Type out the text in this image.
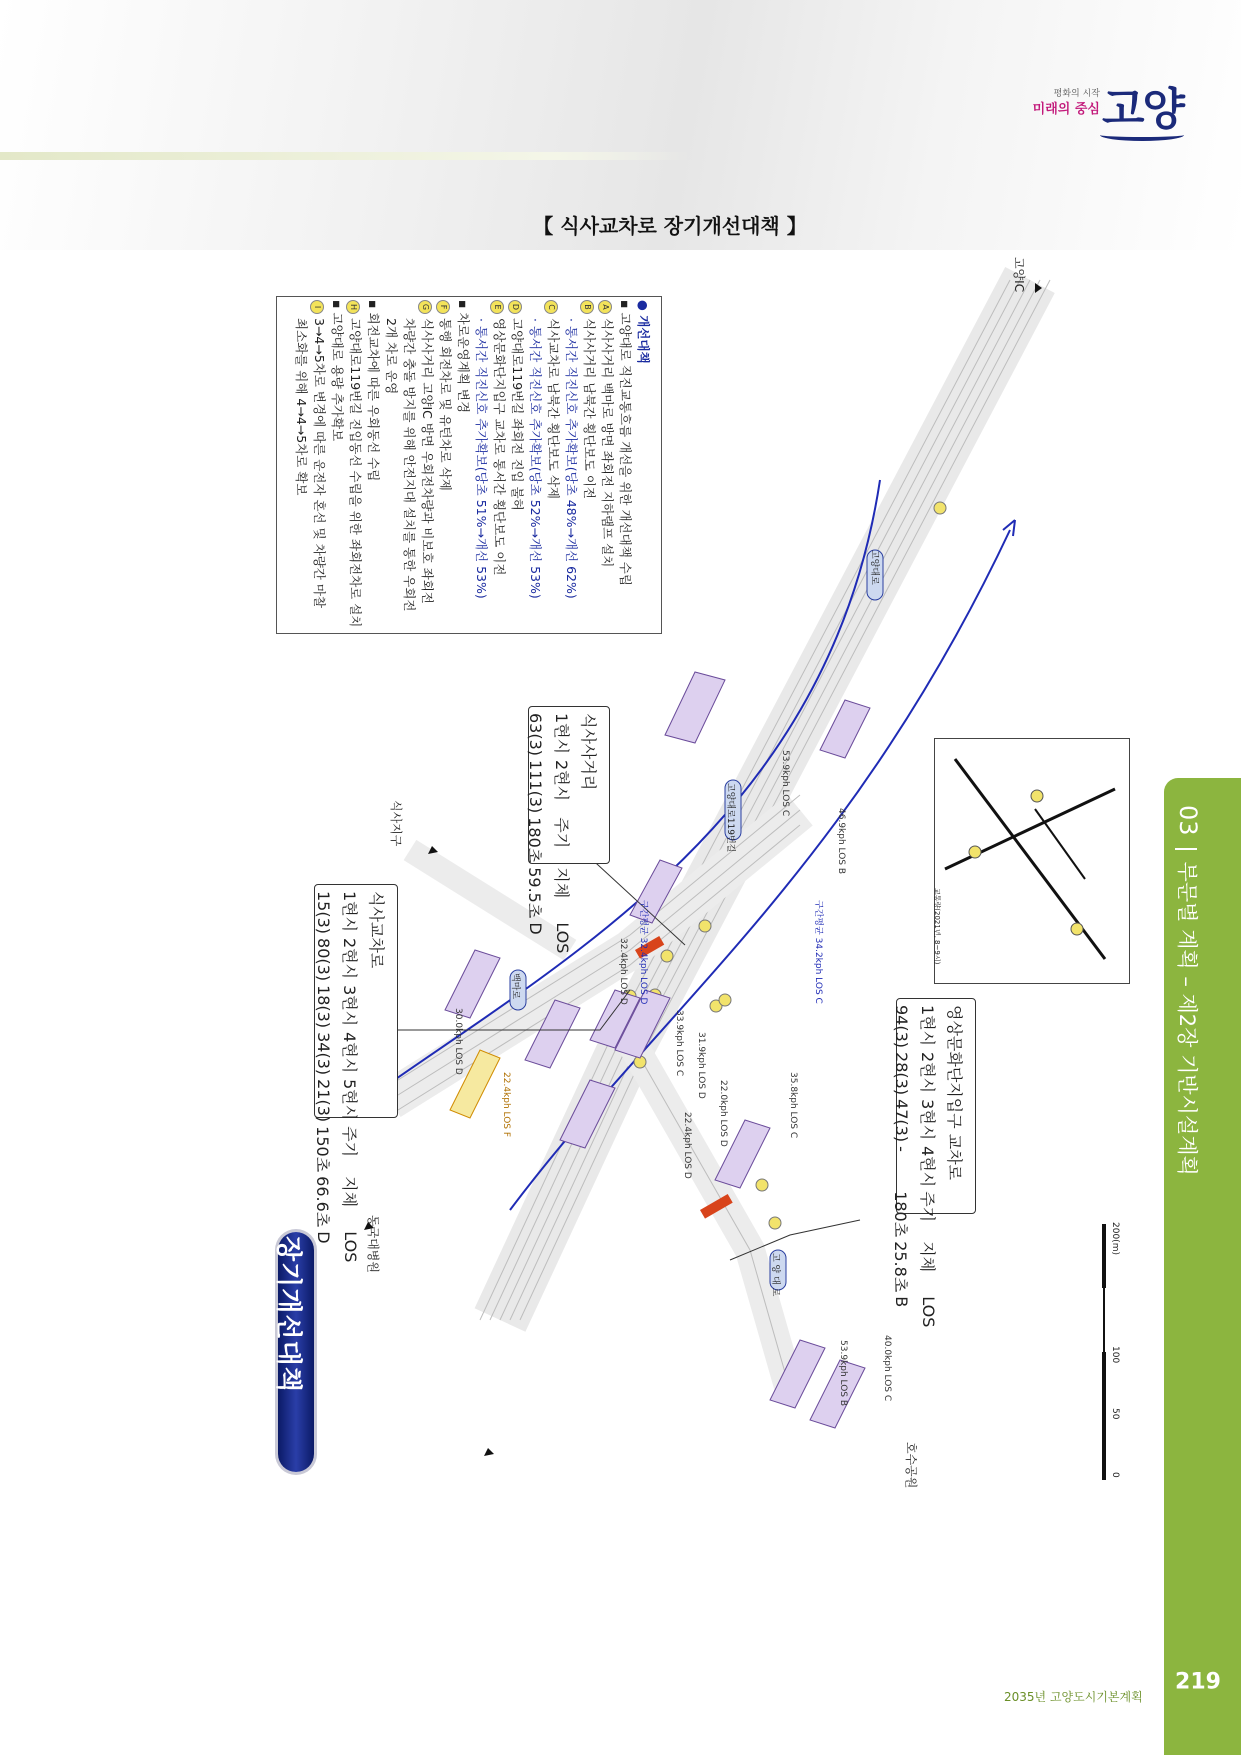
평화의 시작
미래의 중심 고양
【 식사교차로 장기개선대책 】
03부문별 계획 – 제2장 기반시설계획
219
2035년 고양도시기본계획
장기개선대책
고양IC
식사지구
동국대병원
호수공원
고양대로
고양대로119번길
백마로
고 양 대 로
구간평균 32.4kph LOS D
32.4kph LOS D	구간평균 34.2kph LOS C
53.9kph LOS C
46.9kph LOS B
30.0kph LOS D
22.4kph LOS F
33.9kph LOS C 31.9kph LOS D
22.0kph LOS D
22.4kph LOS D
35.8kph LOS C
53.9kph LOS B	40.0kph LOS C
● 개선대책
▪ 고양대로 직진교통흐름 개선을 위한 개선대책 수립
A식사사거리 백마로 방면 좌회전 지하램프 설치
B식사사거리 남북간 횡단보도 이전
· 통서간 직진신호 추가확보(당초 48%→개선 62%)
C식사교차로 남북간 횡단보도 삭제
· 통서간 직진신호 추가확보(당초 52%→개선 53%)
D고양대로119번길 좌회전 진입 불허
E영상문화단지입구 교차로 통서간 횡단보도 이전
· 통서간 직진신호 추가확보(당초 51%→개선 53%)
▪ 차로운영계획 변경
F통행 회전차로 및 유턴차로 삭제
G식사사거리 고양IC 방면 우회전차량과 비보호 좌회전
차량간 충돌 방지를 위해 안전지대 설치를 통한 우회전
2개 차로 운영
▪ 회전교차에 따른 우회동선 수립
H고양대로119번길 진입동선 수립을 위한 좌회전차로 설치
▪ 고양대로 용량 추가확보
I3→4→5차로 변경에 따른 운전자 혼선 및 차량간 마찰
최소화를 위해 4→4→5차로 확보
식사교차로							
1현시	2현시	3현시	4현시	5현시	주기	지체	LOS
15(3)	80(3)	18(3)	34(3)	21(3)	150초	66.6초	D
식사사거리				
1현시	2현시	주기	지체	LOS
63(3)	111(3)	180초	59.5초	D
영상문화단지입구 교차로						
1현시	2현시	3현시	4현시	주기	지체	LOS
94(3)	28(3)	47(3)	-	180초	25.8초	B
교통량(2021년, 8~9시)
0
50
100
200(m)
